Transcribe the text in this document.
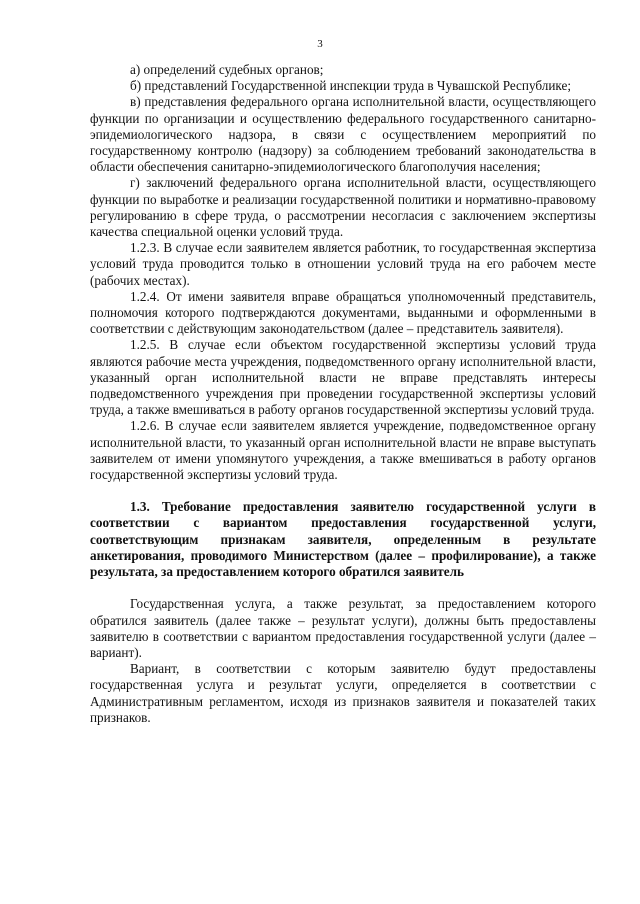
3

а) определений судебных органов;

б) представлений Государственной инспекции труда в Чувашской Республике;

в) представления федерального органа исполнительной власти, осуществляющего функции по организации и осуществлению федерального государственного санитарно-эпидемиологического надзора, в связи с осуществлением мероприятий по государственному контролю (надзору) за соблюдением требований законодательства в области обеспечения санитарно-эпидемиологического благополучия населения;

г) заключений федерального органа исполнительной власти, осуществляющего функции по выработке и реализации государственной политики и нормативно-правовому регулированию в сфере труда, о рассмотрении несогласия с заключением экспертизы качества специальной оценки условий труда.

1.2.3. В случае если заявителем является работник, то государственная экспертиза условий труда проводится только в отношении условий труда на его рабочем месте (рабочих местах).

1.2.4. От имени заявителя вправе обращаться уполномоченный представитель, полномочия которого подтверждаются документами, выданными и оформленными в соответствии с действующим законодательством (далее – представитель заявителя).

1.2.5. В случае если объектом государственной экспертизы условий труда являются рабочие места учреждения, подведомственного органу исполнительной власти, указанный орган исполнительной власти не вправе представлять интересы подведомственного учреждения при проведении государственной экспертизы условий труда, а также вмешиваться в работу органов государственной экспертизы условий труда.

1.2.6. В случае если заявителем является учреждение, подведомственное органу исполнительной власти, то указанный орган исполнительной власти не вправе выступать заявителем от имени упомянутого учреждения, а также вмешиваться в работу органов государственной экспертизы условий труда.

1.3. Требование предоставления заявителю государственной услуги в соответствии с вариантом предоставления государственной услуги, соответствующим признакам заявителя, определенным в результате анкетирования, проводимого Министерством (далее – профилирование), а также результата, за предоставлением которого обратился заявитель

Государственная услуга, а также результат, за предоставлением которого обратился заявитель (далее также – результат услуги), должны быть предоставлены заявителю в соответствии с вариантом предоставления государственной услуги (далее – вариант).

Вариант, в соответствии с которым заявителю будут предоставлены государственная услуга и результат услуги, определяется в соответствии с Административным регламентом, исходя из признаков заявителя и показателей таких признаков.
